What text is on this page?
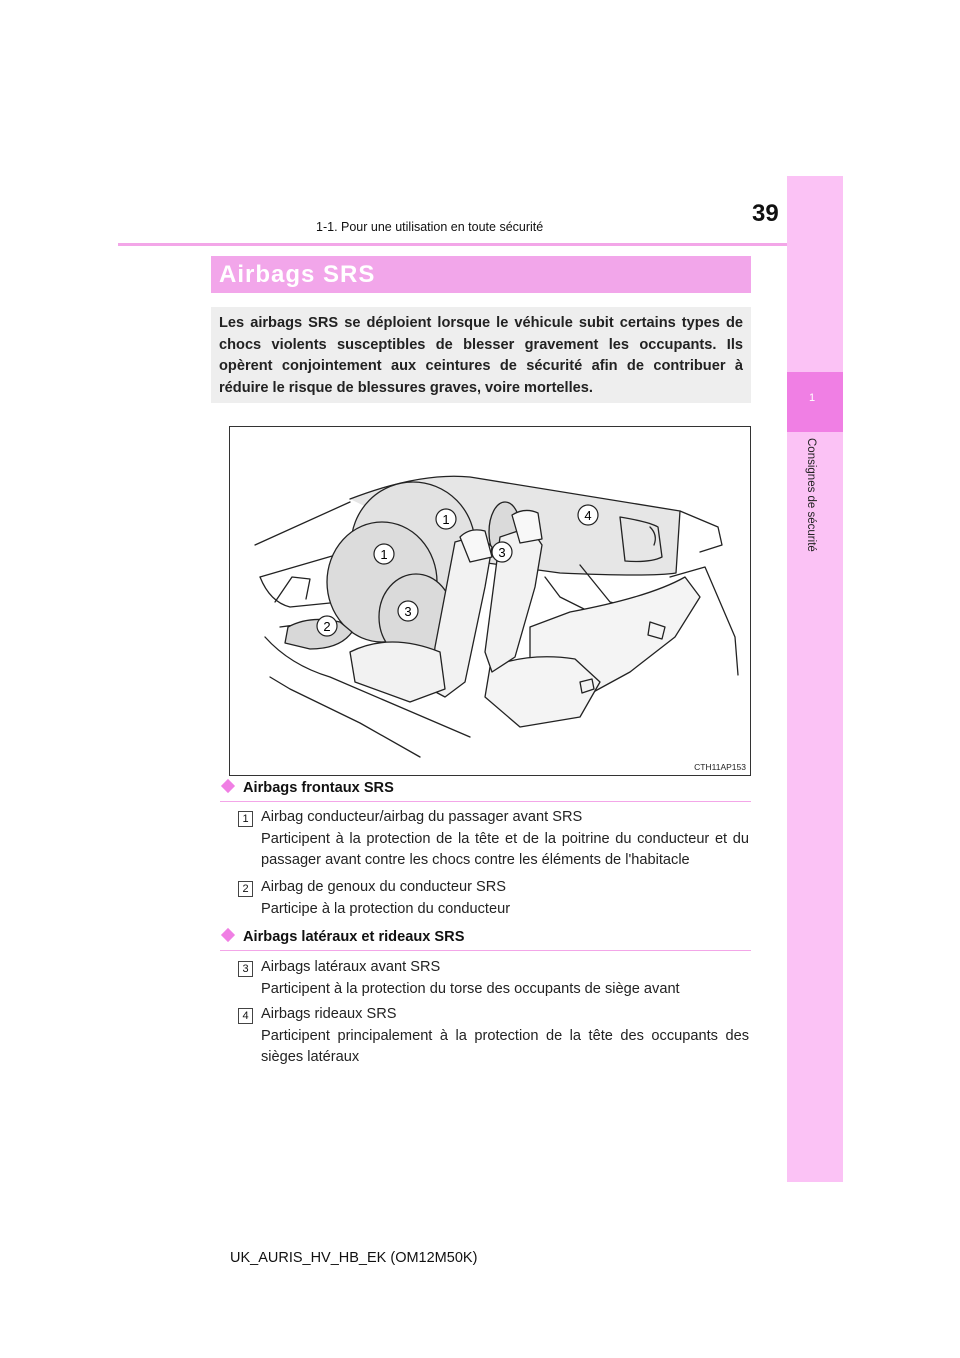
39
1-1. Pour une utilisation en toute sécurité
1
Consignes de sécurité
Airbags SRS
Les airbags SRS se déploient lorsque le véhicule subit certains types de chocs violents susceptibles de blesser gravement les occupants. Ils opèrent conjointement aux ceintures de sécurité afin de contribuer à réduire le risque de blessures graves, voire mortelles.
1
1
2
3
3
4
CTH11AP153
Airbags frontaux SRS
1 Airbag conducteur/airbag du passager avant SRS

Participent à la protection de la tête et de la poitrine du conducteur et du passager avant contre les chocs contre les éléments de l'habitacle

2 Airbag de genoux du conducteur SRS

Participe à la protection du conducteur

Airbags latéraux et rideaux SRS
3 Airbags latéraux avant SRS

Participent à la protection du torse des occupants de siège avant

4 Airbags rideaux SRS

Participent principalement à la protection de la tête des occupants des sièges latéraux

UK_AURIS_HV_HB_EK (OM12M50K)
